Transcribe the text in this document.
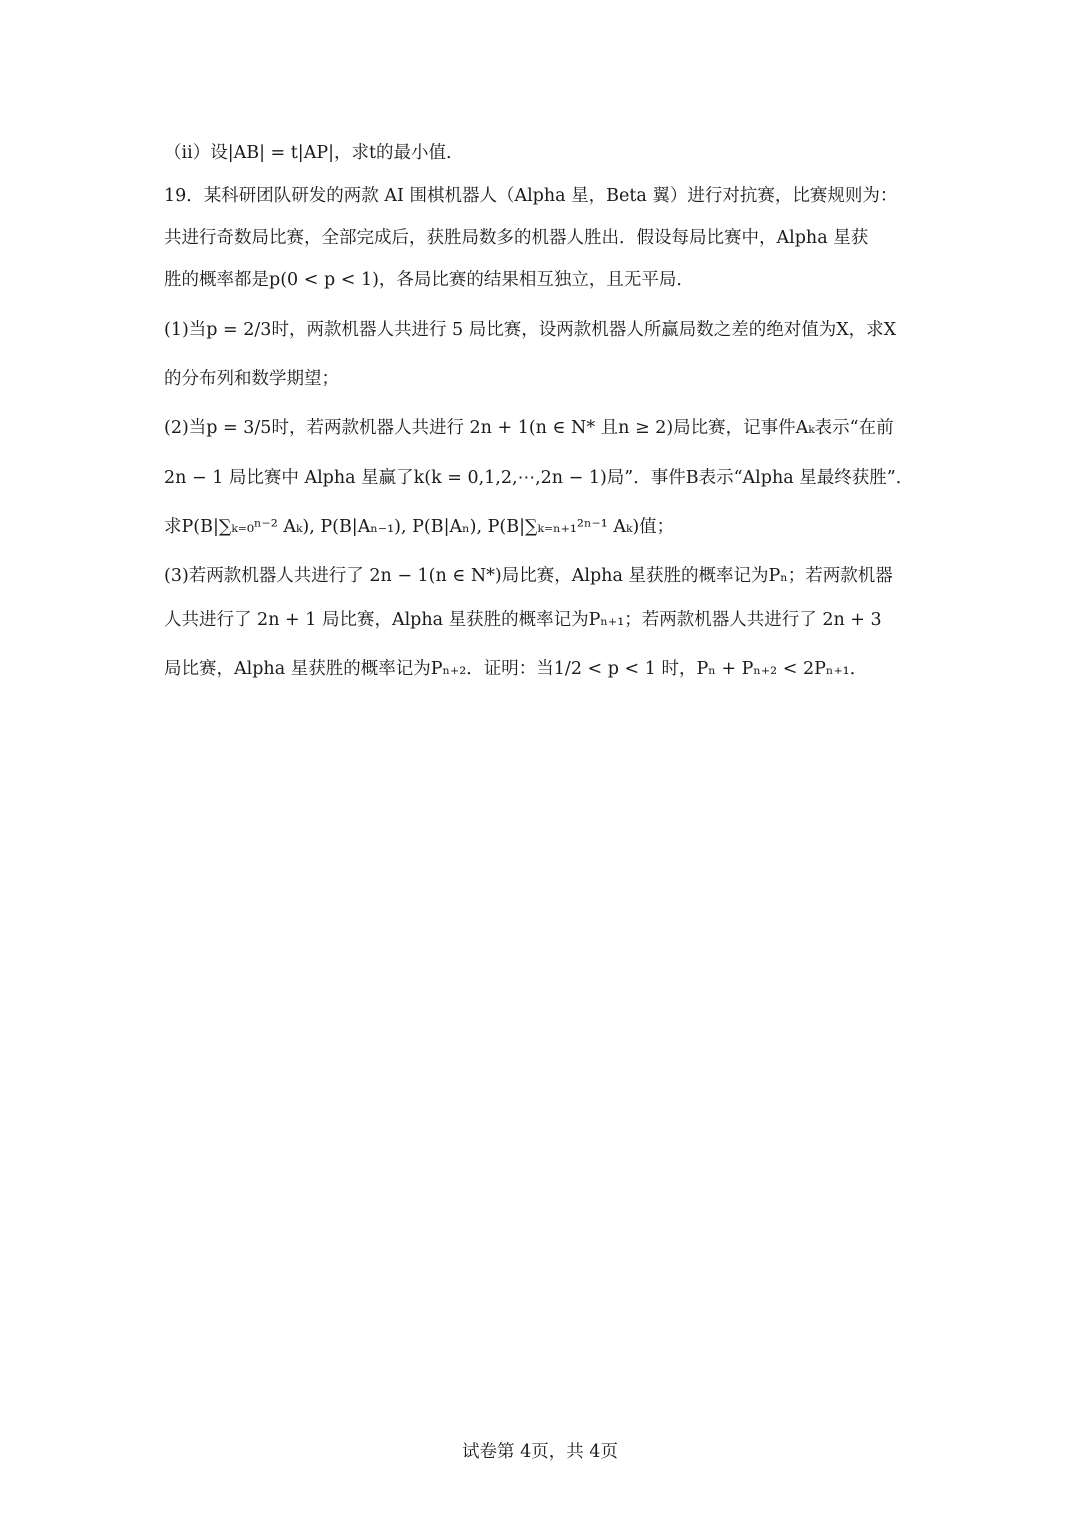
（ii）设|AB| = t|AP|，求t的最小值.
19．某科研团队研发的两款 AI 围棋机器人（Alpha 星，Beta 翼）进行对抗赛，比赛规则为：
共进行奇数局比赛，全部完成后，获胜局数多的机器人胜出．假设每局比赛中，Alpha 星获
胜的概率都是p(0 < p < 1)，各局比赛的结果相互独立，且无平局．
(1)当p = 2/3时，两款机器人共进行 5 局比赛，设两款机器人所赢局数之差的绝对值为X，求X
的分布列和数学期望；
(2)当p = 3/5时，若两款机器人共进行 2n + 1(n ∈ N* 且n ≥ 2)局比赛，记事件Aₖ表示“在前
2n − 1 局比赛中 Alpha 星赢了k(k = 0,1,2,⋯,2n − 1)局”．事件B表示“Alpha 星最终获胜”．
求P(B|∑ₖ₌₀ⁿ⁻² Aₖ), P(B|Aₙ₋₁), P(B|Aₙ), P(B|∑ₖ₌ₙ₊₁²ⁿ⁻¹ Aₖ)值；
(3)若两款机器人共进行了 2n − 1(n ∈ N*)局比赛，Alpha 星获胜的概率记为Pₙ；若两款机器
人共进行了 2n + 1 局比赛，Alpha 星获胜的概率记为Pₙ₊₁；若两款机器人共进行了 2n + 3
局比赛，Alpha 星获胜的概率记为Pₙ₊₂．证明：当1/2 < p < 1 时，Pₙ + Pₙ₊₂ < 2Pₙ₊₁．
试卷第 4页，共 4页
